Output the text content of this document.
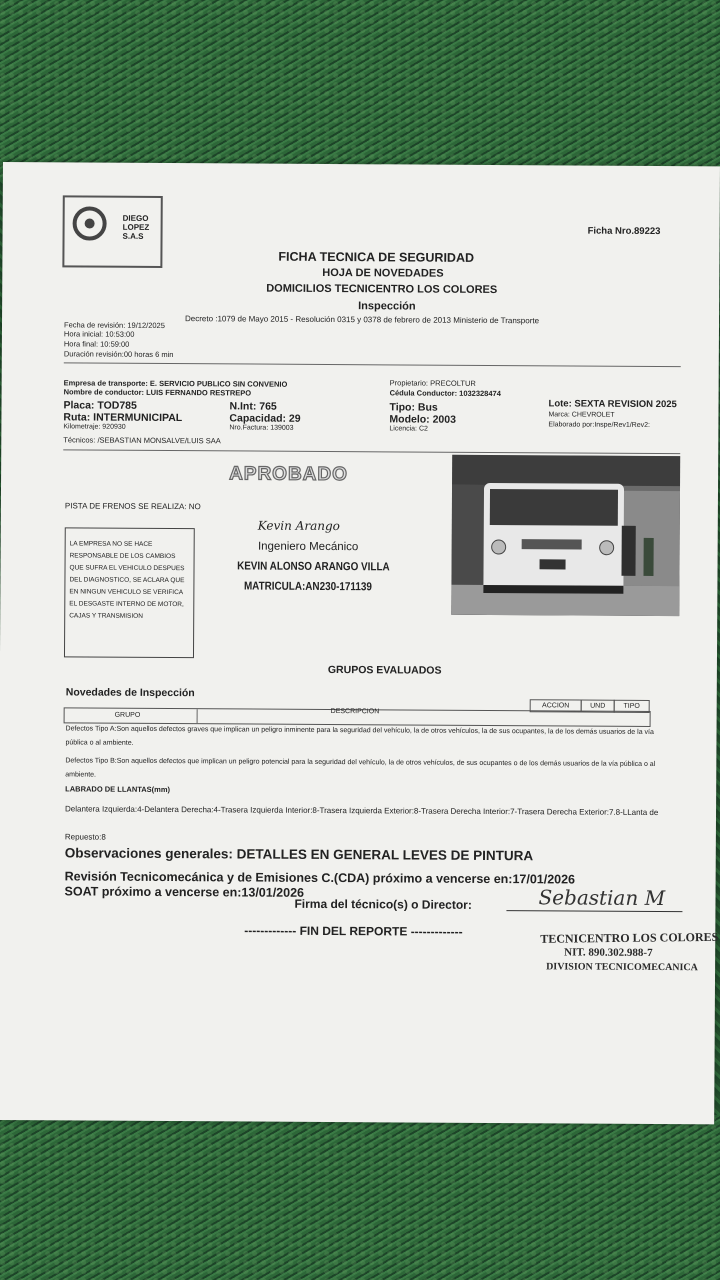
DIEGO
LOPEZ
S.A.S	Ficha Nro.89223
FICHA TECNICA DE SEGURIDAD
HOJA DE NOVEDADES
DOMICILIOS TECNICENTRO LOS COLORES
Inspección
Fecha de revisión: 19/12/2025
Hora inicial: 10:53:00
Hora final: 10:59:00
Duración revisión:00 horas 6 min
Decreto :1079 de Mayo 2015 - Resolución 0315 y 0378 de febrero de 2013 Ministerio de Transporte
Empresa de transporte: E. SERVICIO PUBLICO SIN CONVENIO
Nombre de conductor: LUIS FERNANDO RESTREPO
Placa: TOD785
Ruta: INTERMUNICIPAL
Kilometraje: 920930
N.Int: 765
Capacidad: 29
Nro.Factura: 139003
Propietario: PRECOLTUR
Cédula Conductor: 1032328474
Tipo: Bus
Modelo: 2003
Licencia: C2
Lote: SEXTA REVISION 2025
Marca: CHEVROLET
Elaborado por:Inspe/Rev1/Rev2:
Técnicos: /SEBASTIAN MONSALVE/LUIS SAA
APROBADO
PISTA DE FRENOS SE REALIZA: NO
LA EMPRESA NO SE HACE RESPONSABLE DE LOS CAMBIOS QUE SUFRA EL VEHICULO DESPUES DEL DIAGNOSTICO, SE ACLARA QUE EN NINGUN VEHICULO SE VERIFICA EL DESGASTE INTERNO DE MOTOR, CAJAS Y TRANSMISION
Kevin Arango
Ingeniero Mecánico
KEVIN ALONSO ARANGO VILLA
MATRICULA:AN230-171139
GRUPOS EVALUADOS
Novedades de Inspección
GRUPO	DESCRIPCION
ACCION	UND	TIPO
Defectos Tipo A:Son aquellos defectos graves que implican un peligro inminente para la seguridad del vehículo, la de otros vehículos, la de sus ocupantes, la de los demás usuarios de la vía pública o al ambiente.
Defectos Tipo B:Son aquellos defectos que implican un peligro potencial para la seguridad del vehículo, la de otros vehículos, de sus ocupantes o de los demás usuarios de la vía pública o al ambiente.
LABRADO DE LLANTAS(mm)
Delantera Izquierda:4-Delantera Derecha:4-Trasera Izquierda Interior:8-Trasera Izquierda Exterior:8-Trasera Derecha Interior:7-Trasera Derecha Exterior:7.8-LLanta de Repuesto:8
Observaciones generales: DETALLES EN GENERAL LEVES DE PINTURA
Revisión Tecnicomecánica y de Emisiones C.(CDA) próximo a vencerse en:17/01/2026
SOAT próximo a vencerse en:13/01/2026
Firma del técnico(s) o Director:	Sebastian M
------------- FIN DEL REPORTE -------------	TECNICENTRO LOS COLORES
NIT. 890.302.988-7
DIVISION TECNICOMECANICA
